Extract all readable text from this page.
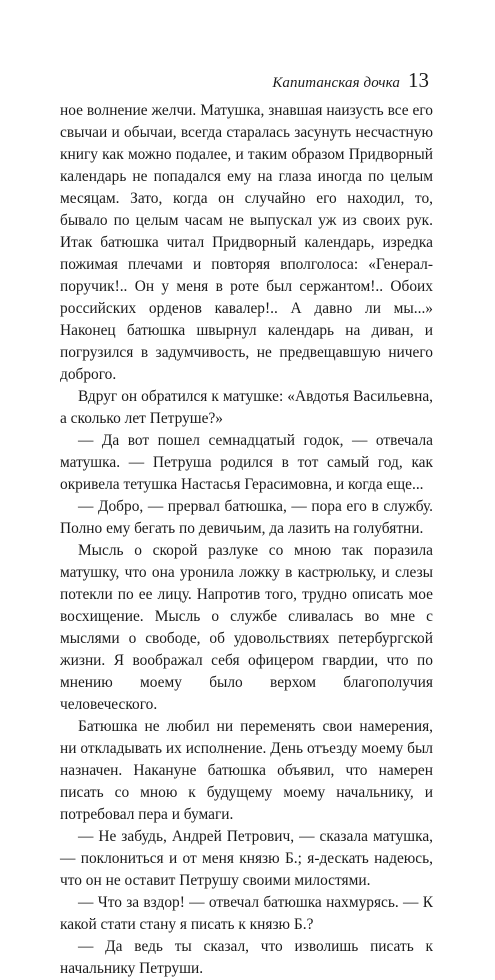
Капитанская дочка 13

ное волнение желчи. Матушка, знавшая наизусть все его свычаи и обычаи, всегда старалась засунуть несчастную книгу как можно подалее, и таким образом Придворный календарь не попадался ему на глаза иногда по целым месяцам. Зато, когда он случайно его находил, то, бывало по целым часам не выпускал уж из своих рук. Итак батюшка читал Придворный календарь, изредка пожимая плечами и повторяя вполголоса: «Генерал-поручик!.. Он у меня в роте был сержантом!.. Обоих российских орденов кавалер!.. А давно ли мы...» Наконец батюшка швырнул календарь на диван, и погрузился в задумчивость, не предвещавшую ничего доброго.

Вдруг он обратился к матушке: «Авдотья Васильевна, а сколько лет Петруше?»

— Да вот пошел семнадцатый годок, — отвечала матушка. — Петруша родился в тот самый год, как окривела тетушка Настасья Герасимовна, и когда еще...

— Добро, — прервал батюшка, — пора его в службу. Полно ему бегать по девичьим, да лазить на голубятни.

Мысль о скорой разлуке со мною так поразила матушку, что она уронила ложку в кастрюльку, и слезы потекли по ее лицу. Напротив того, трудно описать мое восхищение. Мысль о службе сливалась во мне с мыслями о свободе, об удовольствиях петербургской жизни. Я воображал себя офицером гвардии, что по мнению моему было верхом благополучия человеческого.

Батюшка не любил ни переменять свои намерения, ни откладывать их исполнение. День отъезду моему был назначен. Накануне батюшка объявил, что намерен писать со мною к будущему моему начальнику, и потребовал пера и бумаги.

— Не забудь, Андрей Петрович, — сказала матушка, — поклониться и от меня князю Б.; я-дескать надеюсь, что он не оставит Петрушу своими милостями.

— Что за вздор! — отвечал батюшка нахмурясь. — К какой стати стану я писать к князю Б.?

— Да ведь ты сказал, что изволишь писать к начальнику Петруши.
